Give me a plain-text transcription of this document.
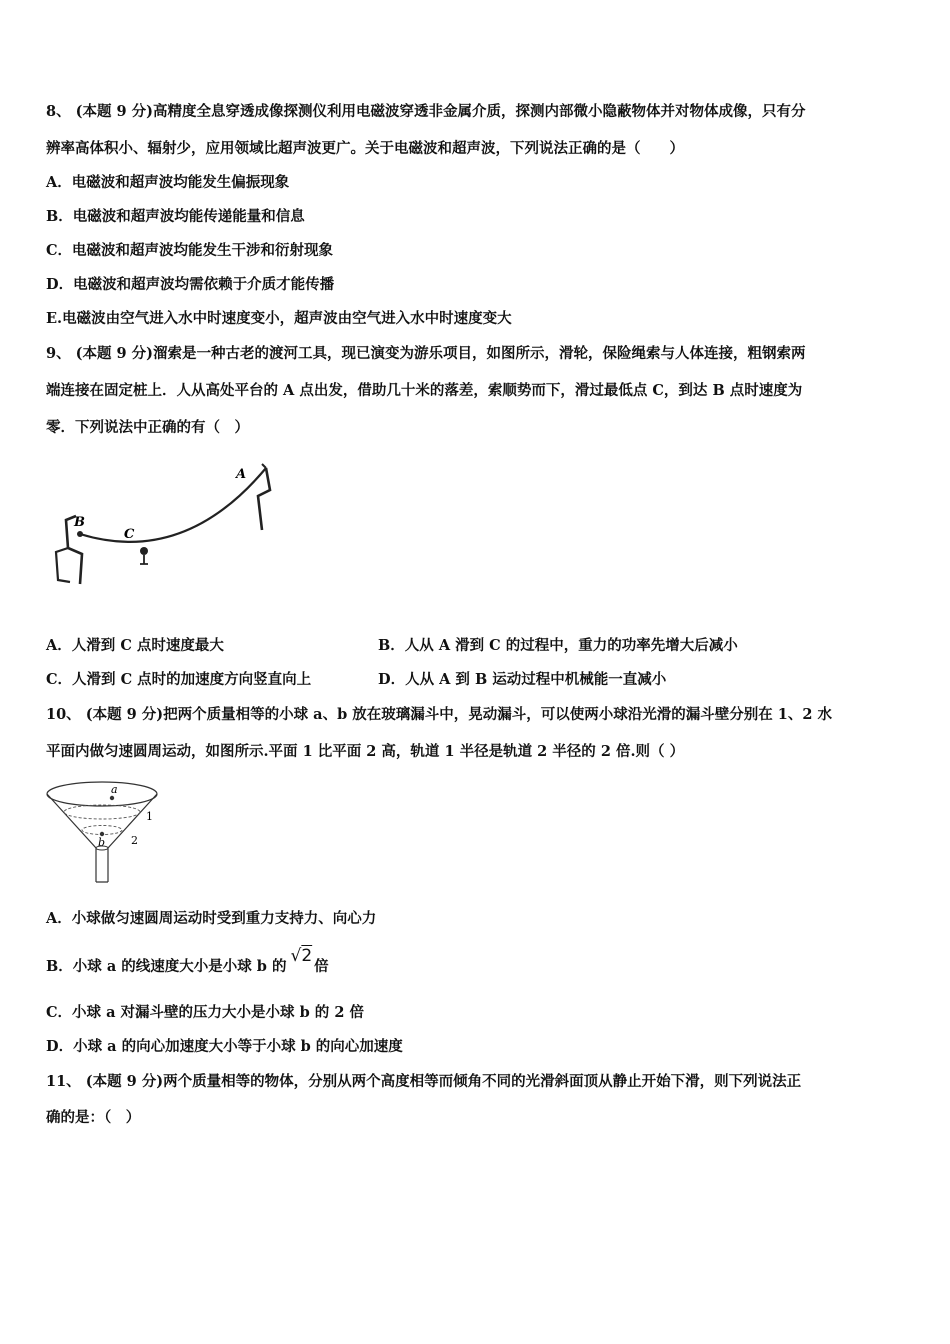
8、 (本题 9 分)高精度全息穿透成像探测仪利用电磁波穿透非金属介质，探测内部微小隐蔽物体并对物体成像，只有分
辨率高体积小、辐射少，应用领域比超声波更广。关于电磁波和超声波，下列说法正确的是（　　）
A．电磁波和超声波均能发生偏振现象
B．电磁波和超声波均能传递能量和信息
C．电磁波和超声波均能发生干涉和衍射现象
D．电磁波和超声波均需依赖于介质才能传播
E.电磁波由空气进入水中时速度变小，超声波由空气进入水中时速度变大
9、 (本题 9 分)溜索是一种古老的渡河工具，现已演变为游乐项目，如图所示，滑轮，保险绳索与人体连接，粗钢索两
端连接在固定桩上．人从高处平台的 A 点出发，借助几十米的落差，索顺势而下，滑过最低点 C，到达 B 点时速度为
零．下列说法中正确的有（　）
B
C
A
A．人滑到 C 点时速度最大	B．人从 A 滑到 C 的过程中，重力的功率先增大后减小
C．人滑到 C 点时的加速度方向竖直向上	D．人从 A 到 B 运动过程中机械能一直减小
10、 (本题 9 分)把两个质量相等的小球 a、b 放在玻璃漏斗中，晃动漏斗，可以使两小球沿光滑的漏斗壁分别在 1、2 水
平面内做匀速圆周运动，如图所示.平面 1 比平面 2 高，轨道 1 半径是轨道 2 半径的 2 倍.则（ ）
a
b
1
2
A．小球做匀速圆周运动时受到重力支持力、向心力
B．小球 a 的线速度大小是小球 b 的√2倍
C．小球 a 对漏斗壁的压力大小是小球 b 的 2 倍
D．小球 a 的向心加速度大小等于小球 b 的向心加速度
11、 (本题 9 分)两个质量相等的物体，分别从两个高度相等而倾角不同的光滑斜面顶从静止开始下滑，则下列说法正
确的是：（　）
